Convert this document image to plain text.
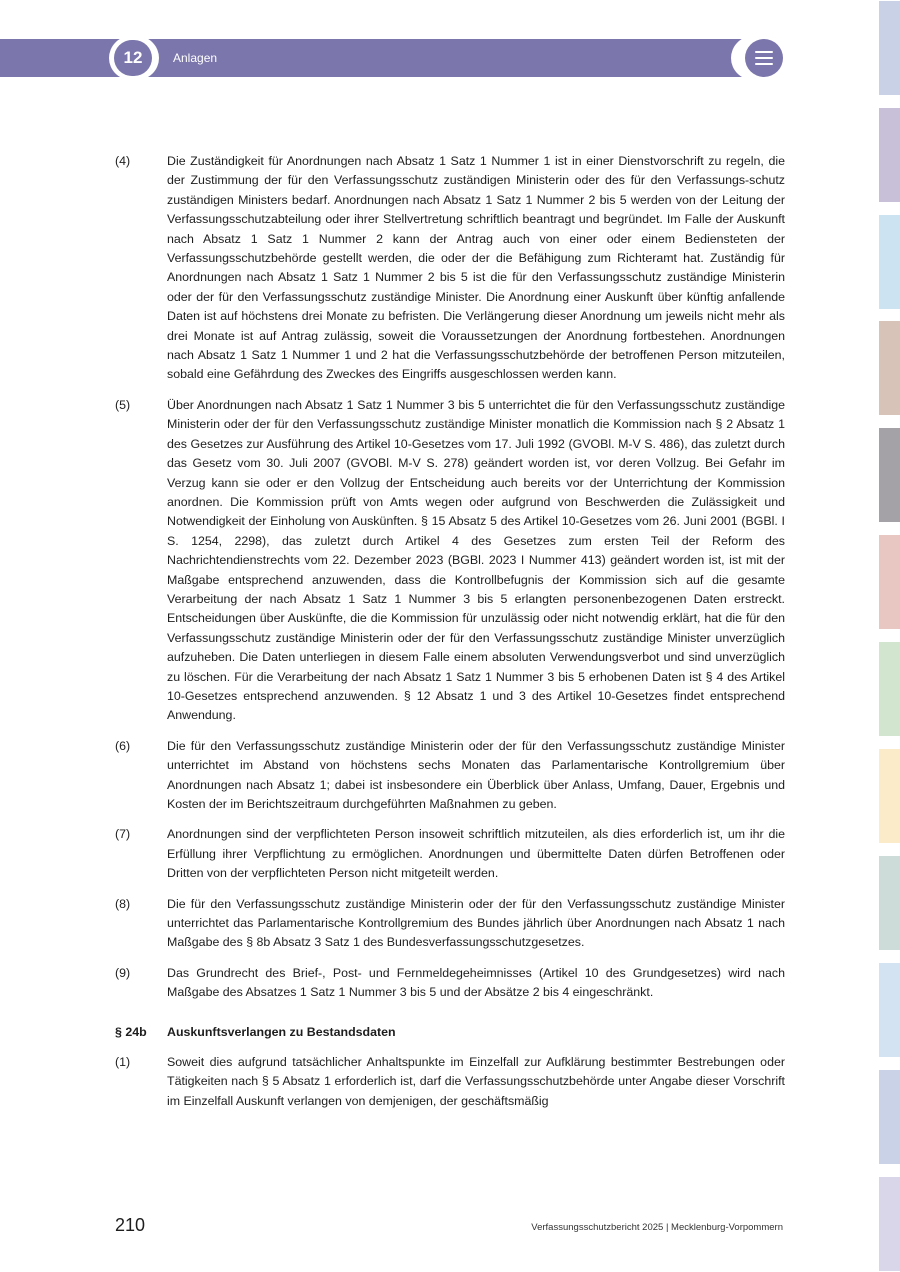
12	Anlagen
(4)	Die Zuständigkeit für Anordnungen nach Absatz 1 Satz 1 Nummer 1 ist in einer Dienstvorschrift zu regeln, die der Zustimmung der für den Verfassungsschutz zuständigen Ministerin oder des für den Verfassungs-schutz zuständigen Ministers bedarf. Anordnungen nach Absatz 1 Satz 1 Nummer 2 bis 5 werden von der Leitung der Verfassungsschutzabteilung oder ihrer Stellvertretung schriftlich beantragt und begründet. Im Falle der Auskunft nach Absatz 1 Satz 1 Nummer 2 kann der Antrag auch von einer oder einem Bediensteten der Verfassungsschutzbehörde gestellt werden, die oder der die Befähigung zum Richteramt hat. Zuständig für Anordnungen nach Absatz 1 Satz 1 Nummer 2 bis 5 ist die für den Verfassungsschutz zuständige Ministerin oder der für den Verfassungsschutz zuständige Minister. Die Anordnung einer Auskunft über künftig anfallende Daten ist auf höchstens drei Monate zu befristen. Die Verlängerung dieser Anordnung um jeweils nicht mehr als drei Monate ist auf Antrag zulässig, soweit die Voraussetzungen der Anordnung fortbestehen. Anordnungen nach Absatz 1 Satz 1 Nummer 1 und 2 hat die Verfassungsschutzbehörde der betroffenen Person mitzuteilen, sobald eine Gefährdung des Zweckes des Eingriffs ausgeschlossen werden kann.
(5)	Über Anordnungen nach Absatz 1 Satz 1 Nummer 3 bis 5 unterrichtet die für den Verfassungsschutz zuständige Ministerin oder der für den Verfassungsschutz zuständige Minister monatlich die Kommission nach § 2 Absatz 1 des Gesetzes zur Ausführung des Artikel 10-Gesetzes vom 17. Juli 1992 (GVOBl. M-V S. 486), das zuletzt durch das Gesetz vom 30. Juli 2007 (GVOBl. M-V S. 278) geändert worden ist, vor deren Vollzug. Bei Gefahr im Verzug kann sie oder er den Vollzug der Entscheidung auch bereits vor der Unterrichtung der Kommission anordnen. Die Kommission prüft von Amts wegen oder aufgrund von Beschwerden die Zulässigkeit und Notwendigkeit der Einholung von Auskünften. § 15 Absatz 5 des Artikel 10-Gesetzes vom 26. Juni 2001 (BGBl. I S. 1254, 2298), das zuletzt durch Artikel 4 des Gesetzes zum ersten Teil der Reform des Nachrichtendienstrechts vom 22. Dezember 2023 (BGBl. 2023 I Nummer 413) geändert worden ist, ist mit der Maßgabe entsprechend anzuwenden, dass die Kontrollbefugnis der Kommission sich auf die gesamte Verarbeitung der nach Absatz 1 Satz 1 Nummer 3 bis 5 erlangten personenbezogenen Daten erstreckt. Entscheidungen über Auskünfte, die die Kommission für unzulässig oder nicht notwendig erklärt, hat die für den Verfassungsschutz zuständige Ministerin oder der für den Verfassungsschutz zuständige Minister unverzüglich aufzuheben. Die Daten unterliegen in diesem Falle einem absoluten Verwendungsverbot und sind unverzüglich zu löschen. Für die Verarbeitung der nach Absatz 1 Satz 1 Nummer 3 bis 5 erhobenen Daten ist § 4 des Artikel 10-Gesetzes entsprechend anzuwenden. § 12 Absatz 1 und 3 des Artikel 10-Gesetzes findet entsprechend Anwendung.
(6)	Die für den Verfassungsschutz zuständige Ministerin oder der für den Verfassungsschutz zuständige Minister unterrichtet im Abstand von höchstens sechs Monaten das Parlamentarische Kontrollgremium über Anordnungen nach Absatz 1; dabei ist insbesondere ein Überblick über Anlass, Umfang, Dauer, Ergebnis und Kosten der im Berichtszeitraum durchgeführten Maßnahmen zu geben.
(7)	Anordnungen sind der verpflichteten Person insoweit schriftlich mitzuteilen, als dies erforderlich ist, um ihr die Erfüllung ihrer Verpflichtung zu ermöglichen. Anordnungen und übermittelte Daten dürfen Betroffenen oder Dritten von der verpflichteten Person nicht mitgeteilt werden.
(8)	Die für den Verfassungsschutz zuständige Ministerin oder der für den Verfassungsschutz zuständige Minister unterrichtet das Parlamentarische Kontrollgremium des Bundes jährlich über Anordnungen nach Absatz 1 nach Maßgabe des § 8b Absatz 3 Satz 1 des Bundesverfassungsschutzgesetzes.
(9)	Das Grundrecht des Brief-, Post- und Fernmeldegeheimnisses (Artikel 10 des Grundgesetzes) wird nach Maßgabe des Absatzes 1 Satz 1 Nummer 3 bis 5 und der Absätze 2 bis 4 eingeschränkt.
§ 24b	Auskunftsverlangen zu Bestandsdaten
(1)	Soweit dies aufgrund tatsächlicher Anhaltspunkte im Einzelfall zur Aufklärung bestimmter Bestrebungen oder Tätigkeiten nach § 5 Absatz 1 erforderlich ist, darf die Verfassungsschutzbehörde unter Angabe dieser Vorschrift im Einzelfall Auskunft verlangen von demjenigen, der geschäftsmäßig
210	Verfassungsschutzbericht 2025 | Mecklenburg-Vorpommern
